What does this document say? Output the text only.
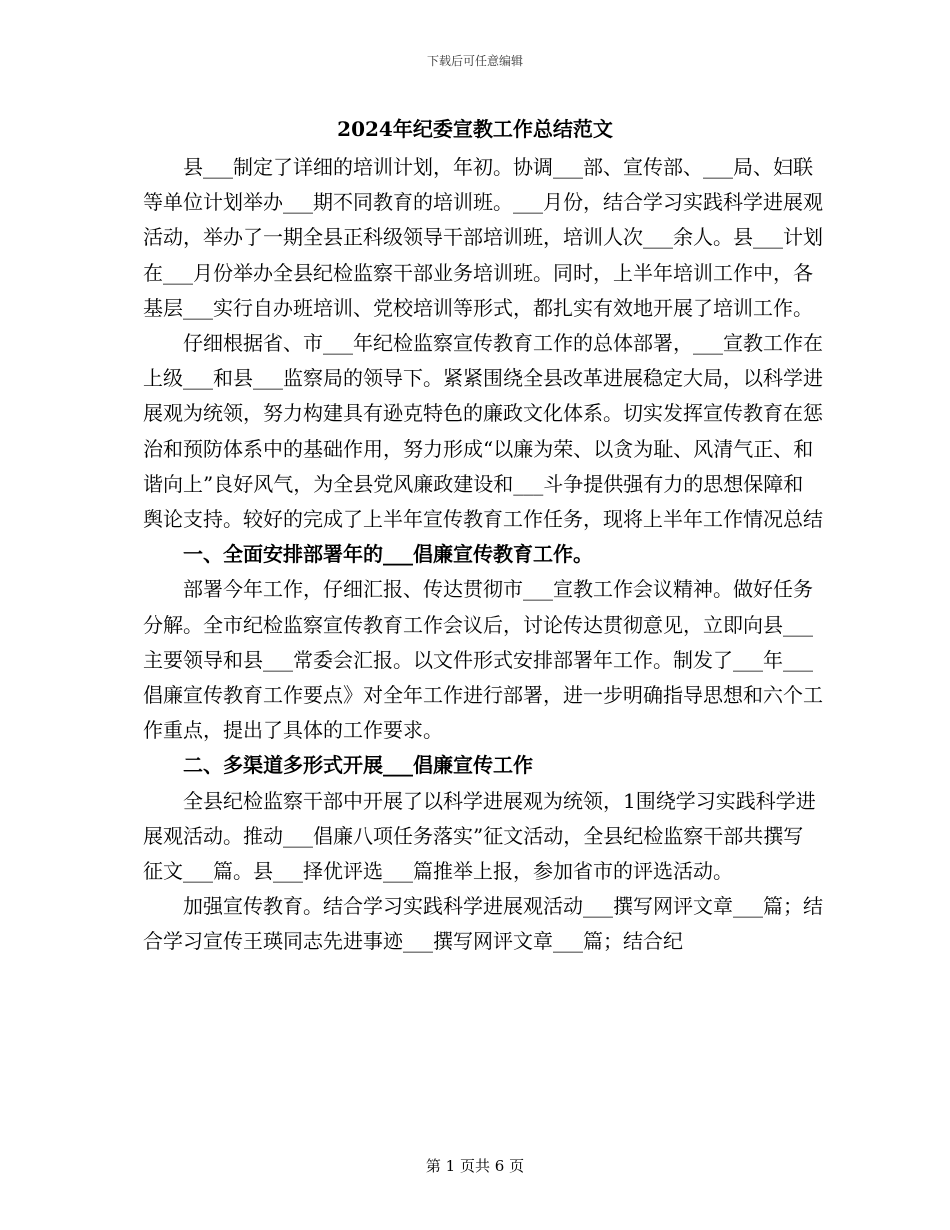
下载后可任意编辑
2024年纪委宣教工作总结范文

县___制定了详细的培训计划，年初。协调___部、宣传部、___局、妇联等单位计划举办___期不同教育的培训班。___月份，结合学习实践科学进展观活动，举办了一期全县正科级领导干部培训班，培训人次___余人。县___计划在___月份举办全县纪检监察干部业务培训班。同时，上半年培训工作中，各基层___实行自办班培训、党校培训等形式，都扎实有效地开展了培训工作。

仔细根据省、市___年纪检监察宣传教育工作的总体部署，___宣教工作在上级___和县___监察局的领导下。紧紧围绕全县改革进展稳定大局，以科学进展观为统领，努力构建具有逊克特色的廉政文化体系。切实发挥宣传教育在惩治和预防体系中的基础作用，努力形成“以廉为荣、以贪为耻、风清气正、和谐向上”良好风气，为全县党风廉政建设和___斗争提供强有力的思想保障和舆论支持。较好的完成了上半年宣传教育工作任务，现将上半年工作情况总结

一、全面安排部署年的___倡廉宣传教育工作。

部署今年工作，仔细汇报、传达贯彻市___宣教工作会议精神。做好任务分解。全市纪检监察宣传教育工作会议后，讨论传达贯彻意见，立即向县___主要领导和县___常委会汇报。以文件形式安排部署年工作。制发了___年___倡廉宣传教育工作要点》对全年工作进行部署，进一步明确指导思想和六个工作重点，提出了具体的工作要求。

二、多渠道多形式开展___倡廉宣传工作

全县纪检监察干部中开展了以科学进展观为统领，1围绕学习实践科学进展观活动。推动___倡廉八项任务落实”征文活动，全县纪检监察干部共撰写征文___篇。县___择优评选___篇推举上报，参加省市的评选活动。

加强宣传教育。结合学习实践科学进展观活动___撰写网评文章___篇；结合学习宣传王瑛同志先进事迹___撰写网评文章___篇；结合纪

第 1 页共 6 页
